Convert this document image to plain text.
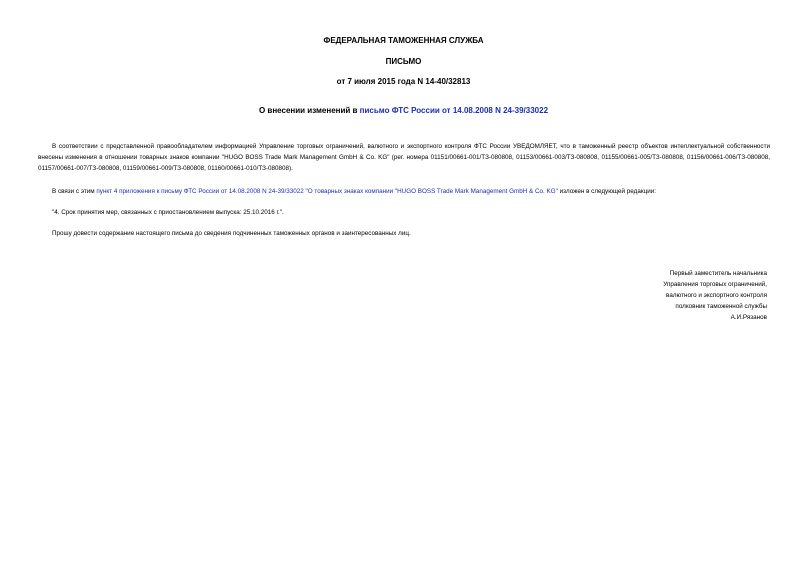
ФЕДЕРАЛЬНАЯ ТАМОЖЕННАЯ СЛУЖБА
ПИСЬМО
от 7 июля 2015 года N 14-40/32813
О внесении изменений в письмо ФТС России от 14.08.2008 N 24-39/33022
В соответствии с представленной правообладателем информацией Управление торговых ограничений, валютного и экспортного контроля ФТС России УВЕДОМЛЯЕТ, что в таможенный реестр объектов интеллектуальной собственности внесены изменения в отношении товарных знаков компании "HUGO BOSS Trade Mark Management GmbH & Co. KG" (рег. номера 01151/00661-001/ТЗ-080808, 01153/00661-003/ТЗ-080808, 01155/00661-005/ТЗ-080808, 01156/00661-006/ТЗ-080808, 01157/00661-007/ТЗ-080808, 01159/00661-009/ТЗ-080808, 01160/00661-010/ТЗ-080808).
В связи с этим пункт 4 приложения к письму ФТС России от 14.08.2008 N 24-39/33022 "О товарных знаках компании "HUGO BOSS Trade Mark Management GmbH & Co. KG" изложен в следующей редакции:
"4. Срок принятия мер, связанных с приостановлением выпуска: 25.10.2016 г.".
Прошу довести содержание настоящего письма до сведения подчиненных таможенных органов и заинтересованных лиц.
Первый заместитель начальника
Управления торговых ограничений,
валютного и экспортного контроля
полковник таможенной службы
А.И.Рязанов
